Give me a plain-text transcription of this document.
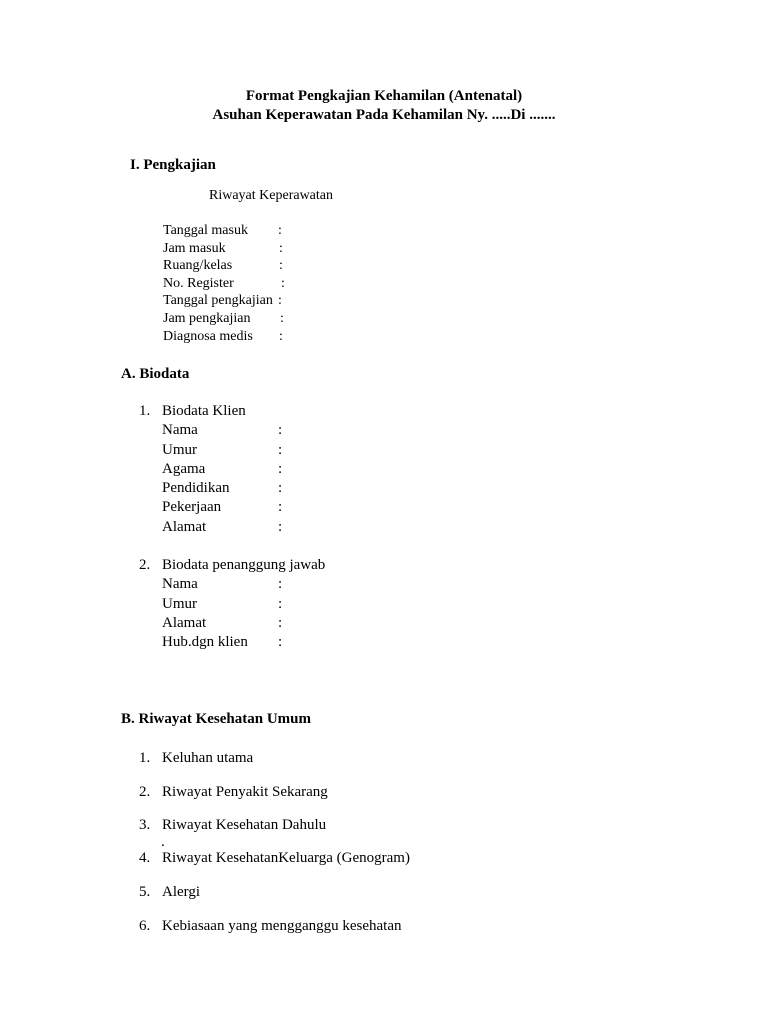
Format Pengkajian Kehamilan (Antenatal)
Asuhan Keperawatan Pada Kehamilan Ny. .....Di .......
I. Pengkajian
Riwayat Keperawatan
Tanggal masuk :
Jam masuk	:
Ruang/kelas	:
No. Register	:
Tanggal pengkajian :
Jam pengkajian :
Diagnosa medis :
A. Biodata
1. Biodata Klien
Nama	:
Umur	:
Agama	:
Pendidikan	:
Pekerjaan	:
Alamat	:
2. Biodata penanggung jawab
Nama	:
Umur	:
Alamat	:
Hub.dgn klien :
B. Riwayat Kesehatan Umum
1. Keluhan utama
2. Riwayat Penyakit Sekarang
3. Riwayat Kesehatan Dahulu
.
4. Riwayat KesehatanKeluarga (Genogram)
5. Alergi
6. Kebiasaan yang mengganggu kesehatan
